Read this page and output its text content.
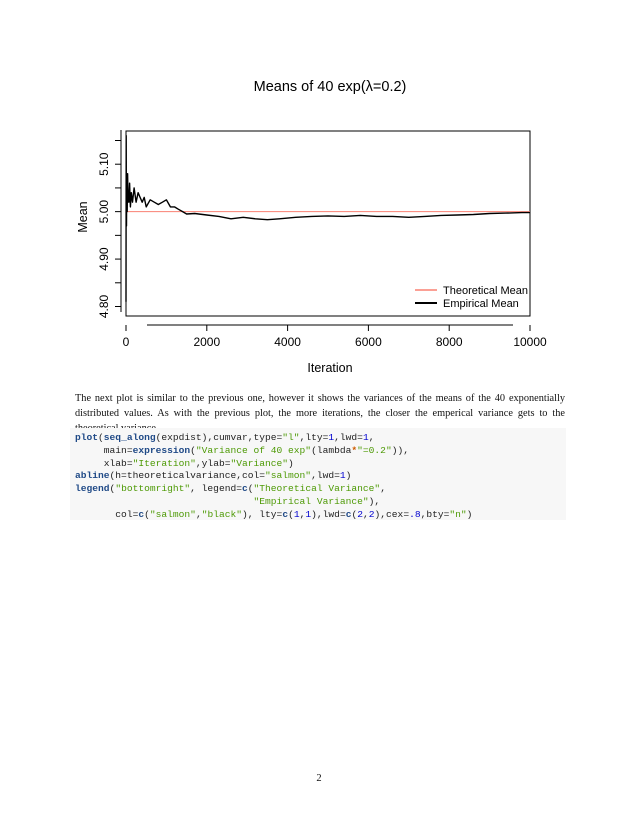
Means of 40 exp(λ=0.2)
0	2000	4000	6000	8000	10000
4.80
4.90
5.00
5.10
Iteration
Mean
Theoretical Mean
Empirical Mean

The next plot is similar to the previous one, however it shows the variances of the means of the 40 exponentially distributed values. As with the previous plot, the more iterations, the closer the emperical variance gets to the

plot(seq_along(expdist),cumvar,type="l",lty=1,lwd=1,
main=expression("Variance of 40 exp"(lambda*"=0.2")),
xlab="Iteration",ylab="Variance")
abline(h=theoreticalvariance,col="salmon",lwd=1)
legend("bottomright", legend=c("Theoretical Variance",
"Empirical Variance"),
col=c("salmon","black"), lty=c(1,1),lwd=c(2,2),cex=.8,bty="n")
2
